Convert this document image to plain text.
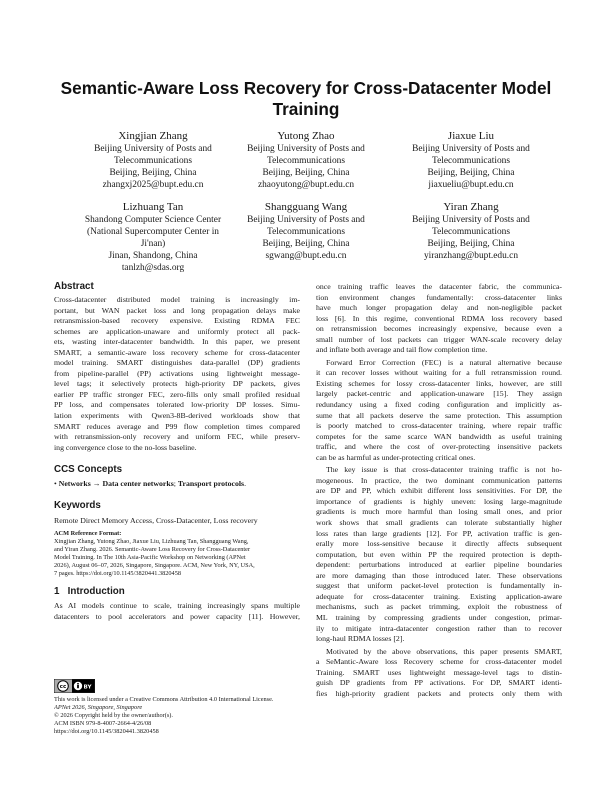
Semantic-Aware Loss Recovery for Cross-Datacenter Model
Training
Xingjian Zhang
Beijing University of Posts and
Telecommunications
Beijing, Beijing, China
zhangxj2025@bupt.edu.cn
Yutong Zhao
Beijing University of Posts and
Telecommunications
Beijing, Beijing, China
zhaoyutong@bupt.edu.cn
Jiaxue Liu
Beijing University of Posts and
Telecommunications
Beijing, Beijing, China
jiaxueliu@bupt.edu.cn
Lizhuang Tan
Shandong Computer Science Center
(National Supercomputer Center in
Ji'nan)
Jinan, Shandong, China
tanlzh@sdas.org
Shangguang Wang
Beijing University of Posts and
Telecommunications
Beijing, Beijing, China
sgwang@bupt.edu.cn
Yiran Zhang
Beijing University of Posts and
Telecommunications
Beijing, Beijing, China
yiranzhang@bupt.edu.cn
Abstract
Cross-datacenter distributed model training is increasingly im-
portant, but WAN packet loss and long propagation delays make
retransmission-based recovery expensive. Existing RDMA FEC
schemes are application-unaware and uniformly protect all pack-
ets, wasting inter-datacenter bandwidth. In this paper, we present
SMART, a semantic-aware loss recovery scheme for cross-datacenter
model training. SMART distinguishes data-parallel (DP) gradients
from pipeline-parallel (PP) activations using lightweight message-
level tags; it selectively protects high-priority DP packets, gives
earlier PP traffic stronger FEC, zero-fills only small profiled residual
PP loss, and compensates tolerated low-priority DP losses. Simu-
lation experiments with Qwen3-8B-derived workloads show that
SMART reduces average and P99 flow completion times compared
with retransmission-only recovery and uniform FEC, while preserv-
ing convergence close to the no-loss baseline.
CCS Concepts
• Networks → Data center networks; Transport protocols.
Keywords
Remote Direct Memory Access, Cross-Datacenter, Loss recovery
ACM Reference Format:
Xingjian Zhang, Yutong Zhao, Jiaxue Liu, Lizhuang Tan, Shangguang Wang,
and Yiran Zhang. 2026. Semantic-Aware Loss Recovery for Cross-Datacenter
Model Training. In The 10th Asia-Pacific Workshop on Networking (APNet
2026), August 06–07, 2026, Singapore, Singapore. ACM, New York, NY, USA,
7 pages. https://doi.org/10.1145/3820441.3820458
1 Introduction
As AI models continue to scale, training increasingly spans multiple
datacenters to pool accelerators and power capacity [11]. However,
cc	BY
This work is licensed under a Creative Commons Attribution 4.0 International License.
APNet 2026, Singapore, Singapore
© 2026 Copyright held by the owner/author(s).
ACM ISBN 979-8-4007-2664-4/26/08
https://doi.org/10.1145/3820441.3820458
once training traffic leaves the datacenter fabric, the communica-
tion environment changes fundamentally: cross-datacenter links
have much longer propagation delay and non-negligible packet
loss [6]. In this regime, conventional RDMA loss recovery based
on retransmission becomes increasingly expensive, because even a
small number of lost packets can trigger WAN-scale recovery delay
and inflate both average and tail flow completion time.
Forward Error Correction (FEC) is a natural alternative because
it can recover losses without waiting for a full retransmission round.
Existing schemes for lossy cross-datacenter links, however, are still
largely packet-centric and application-unaware [15]. They assign
redundancy using a fixed coding configuration and implicitly as-
sume that all packets deserve the same protection. This assumption
is poorly matched to cross-datacenter training, where repair traffic
competes for the same scarce WAN bandwidth as useful training
traffic, and where the cost of over-protecting insensitive packets
can be as harmful as under-protecting critical ones.
The key issue is that cross-datacenter training traffic is not ho-
mogeneous. In practice, the two dominant communication patterns
are DP and PP, which exhibit different loss sensitivities. For DP, the
importance of gradients is highly uneven: losing large-magnitude
gradients is much more harmful than losing small ones, and prior
work shows that small gradients can tolerate substantially higher
loss rates than large gradients [12]. For PP, activation traffic is gen-
erally more loss-sensitive because it directly affects subsequent
computation, but even within PP the required protection is depth-
dependent: perturbations introduced at earlier pipeline boundaries
are more damaging than those introduced later. These observations
suggest that uniform packet-level protection is fundamentally in-
adequate for cross-datacenter training. Existing application-aware
mechanisms, such as packet trimming, exploit the robustness of
ML training by compressing gradients under congestion, primar-
ily to mitigate intra-datacenter congestion rather than to recover
long-haul RDMA losses [2].
Motivated by the above observations, this paper presents SMART,
a SeMantic-Aware loss Recovery scheme for cross-datacenter model
Training. SMART uses lightweight message-level tags to distin-
guish DP gradients from PP activations. For DP, SMART identi-
fies high-priority gradient packets and protects only them with
